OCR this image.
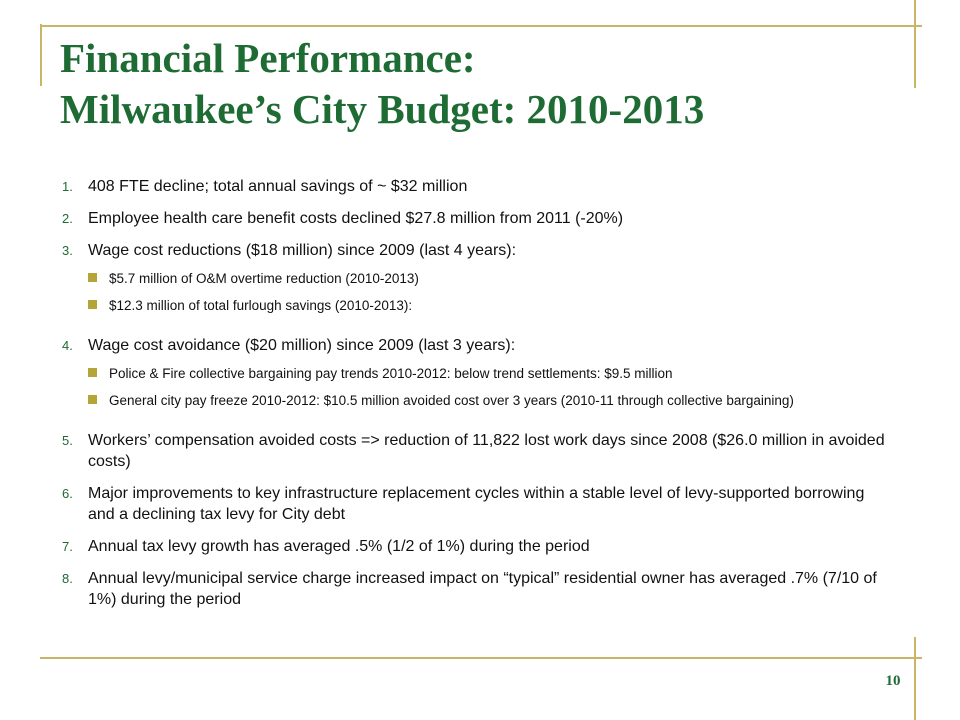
Financial Performance:
Milwaukee’s City Budget: 2010-2013
1. 408 FTE decline; total annual savings of ~ $32 million
2. Employee health care benefit costs declined $27.8 million from 2011 (-20%)
3. Wage cost reductions ($18 million) since 2009 (last 4 years):
$5.7 million of O&M overtime reduction (2010-2013)
$12.3 million of total furlough savings (2010-2013):
4. Wage cost avoidance ($20 million) since 2009 (last 3 years):
Police & Fire collective bargaining pay trends 2010-2012: below trend settlements: $9.5 million
General city pay freeze 2010-2012: $10.5 million avoided cost over 3 years (2010-11 through collective bargaining)
5. Workers’ compensation avoided costs => reduction of 11,822 lost work days since 2008 ($26.0 million in avoided costs)
6. Major improvements to key infrastructure replacement cycles within a stable level of levy-supported borrowing and a declining tax levy for City debt
7. Annual tax levy growth has averaged .5% (1/2 of 1%) during the period
8. Annual levy/municipal service charge increased impact on “typical” residential owner has averaged .7% (7/10 of 1%) during the period
10
